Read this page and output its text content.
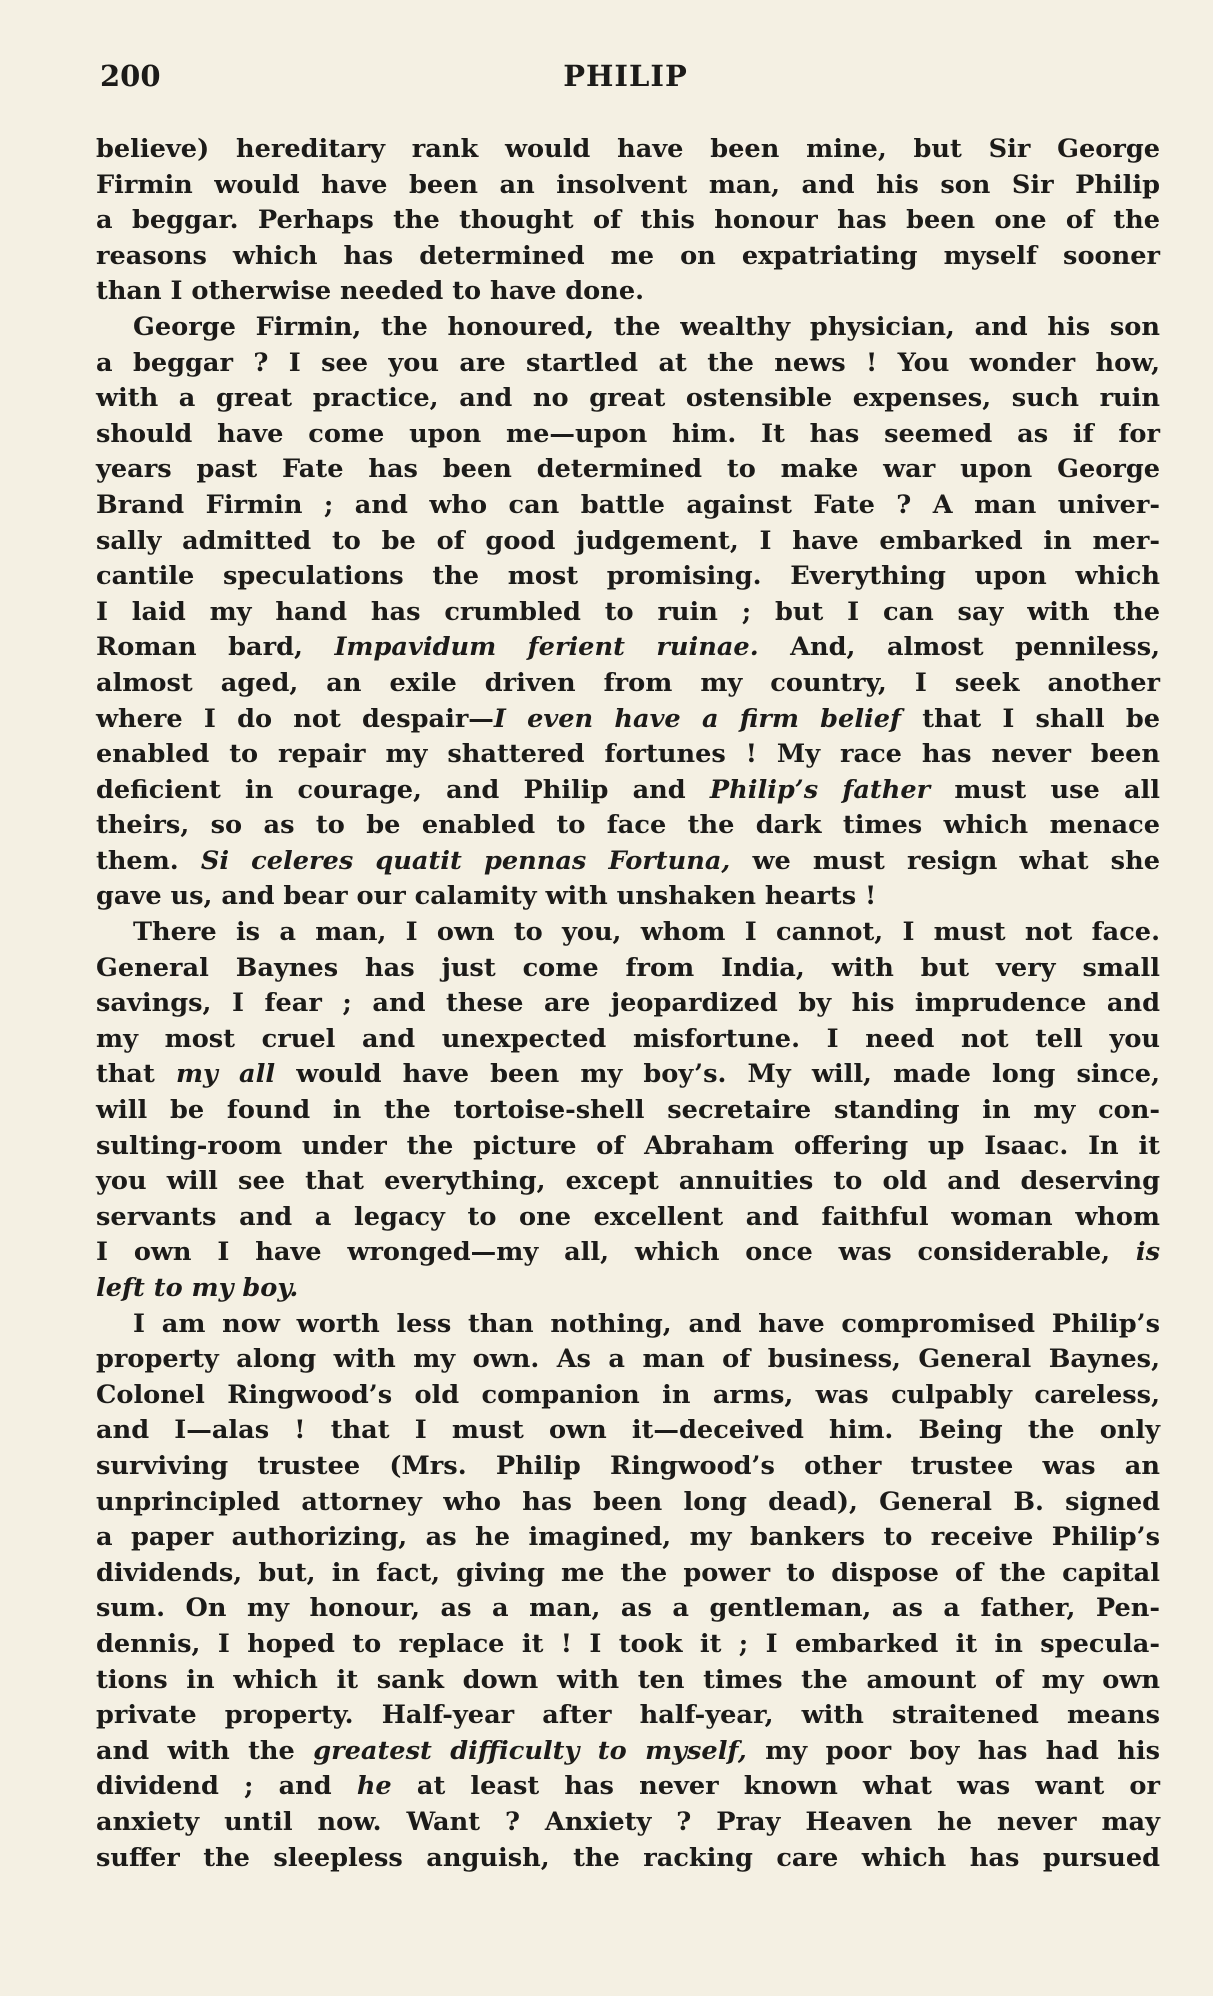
200	PHILIP
believe) hereditary rank would have been mine, but Sir George
Firmin would have been an insolvent man, and his son Sir Philip
a beggar. Perhaps the thought of this honour has been one of the
reasons which has determined me on expatriating myself sooner
than I otherwise needed to have done.
George Firmin, the honoured, the wealthy physician, and his son
a beggar ? I see you are startled at the news ! You wonder how,
with a great practice, and no great ostensible expenses, such ruin
should have come upon me—upon him. It has seemed as if for
years past Fate has been determined to make war upon George
Brand Firmin ; and who can battle against Fate ? A man univer-
sally admitted to be of good judgement, I have embarked in mer-
cantile speculations the most promising. Everything upon which
I laid my hand has crumbled to ruin ; but I can say with the
Roman bard, Impavidum ferient ruinae. And, almost penniless,
almost aged, an exile driven from my country, I seek another
where I do not despair—I even have a firm belief that I shall be
enabled to repair my shattered fortunes ! My race has never been
deficient in courage, and Philip and Philip’s father must use all
theirs, so as to be enabled to face the dark times which menace
them. Si celeres quatit pennas Fortuna, we must resign what she
gave us, and bear our calamity with unshaken hearts !
There is a man, I own to you, whom I cannot, I must not face.
General Baynes has just come from India, with but very small
savings, I fear ; and these are jeopardized by his imprudence and
my most cruel and unexpected misfortune. I need not tell you
that my all would have been my boy’s. My will, made long since,
will be found in the tortoise-shell secretaire standing in my con-
sulting-room under the picture of Abraham offering up Isaac. In it
you will see that everything, except annuities to old and deserving
servants and a legacy to one excellent and faithful woman whom
I own I have wronged—my all, which once was considerable, is
left to my boy.
I am now worth less than nothing, and have compromised Philip’s
property along with my own. As a man of business, General Baynes,
Colonel Ringwood’s old companion in arms, was culpably careless,
and I—alas ! that I must own it—deceived him. Being the only
surviving trustee (Mrs. Philip Ringwood’s other trustee was an
unprincipled attorney who has been long dead), General B. signed
a paper authorizing, as he imagined, my bankers to receive Philip’s
dividends, but, in fact, giving me the power to dispose of the capital
sum. On my honour, as a man, as a gentleman, as a father, Pen-
dennis, I hoped to replace it ! I took it ; I embarked it in specula-
tions in which it sank down with ten times the amount of my own
private property. Half-year after half-year, with straitened means
and with the greatest difficulty to myself, my poor boy has had his
dividend ; and he at least has never known what was want or
anxiety until now. Want ? Anxiety ? Pray Heaven he never may
suffer the sleepless anguish, the racking care which has pursued
